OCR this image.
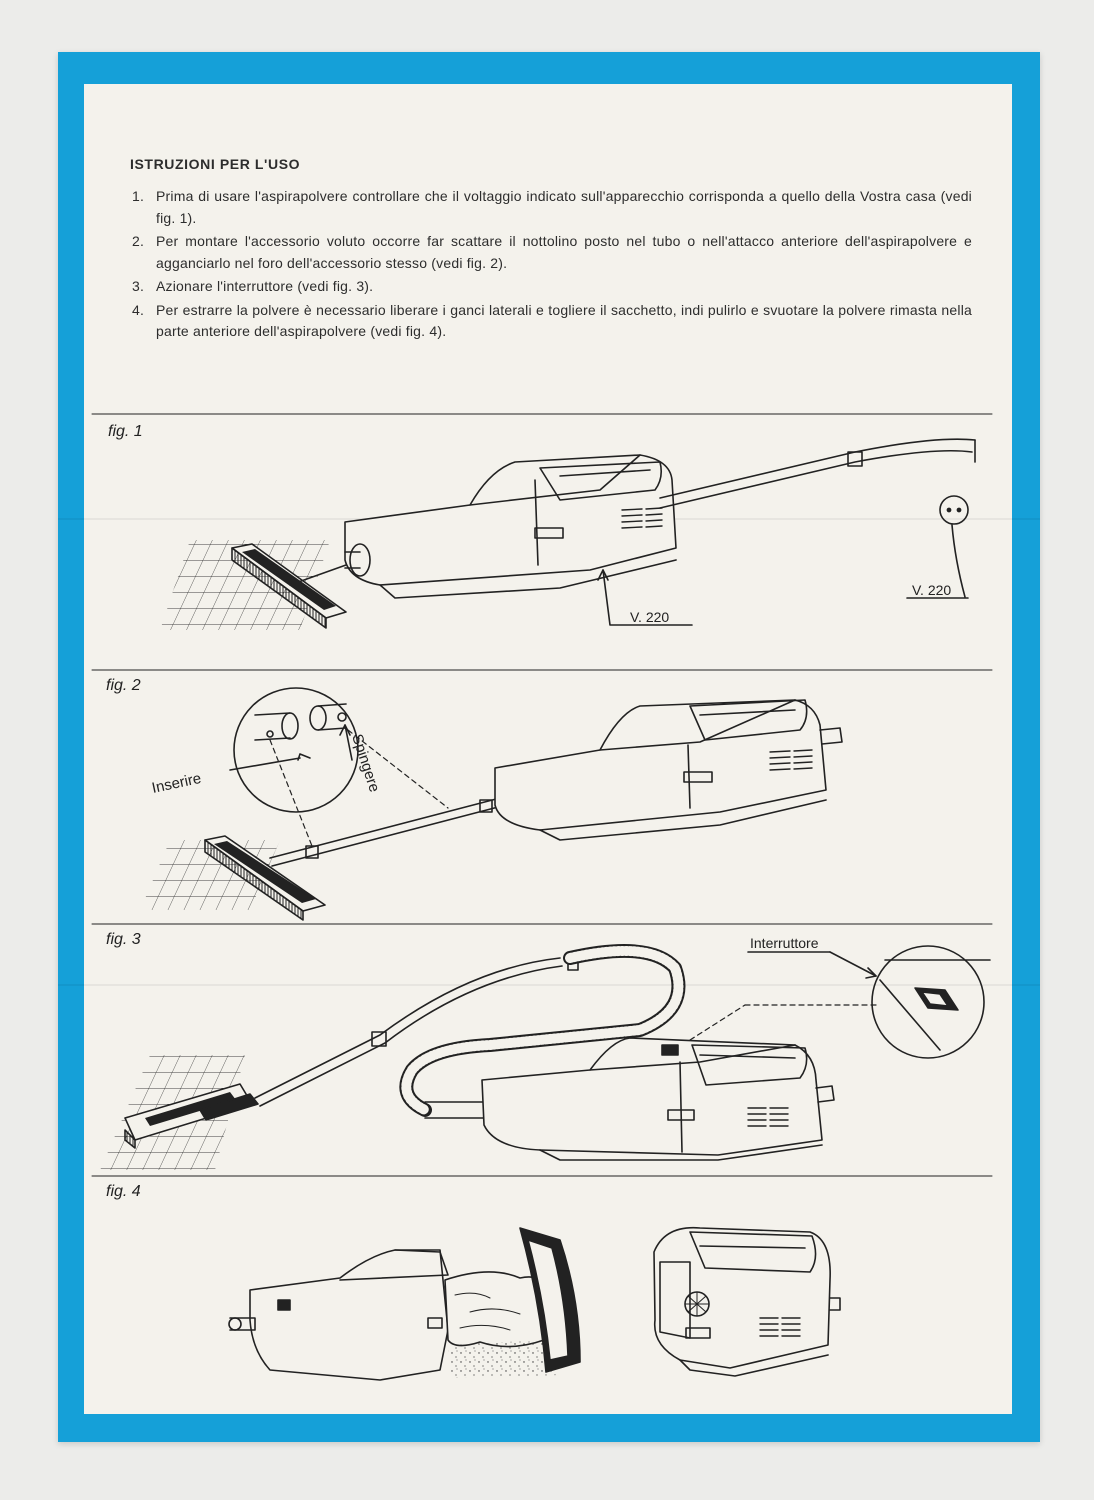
ISTRUZIONI PER L'USO
1. Prima di usare l'aspirapolvere controllare che il voltaggio indicato sull'apparecchio corrisponda a quello della Vostra casa (vedi fig. 1).
2. Per montare l'accessorio voluto occorre far scattare il nottolino posto nel tubo o nell'attacco anteriore dell'aspirapolvere e agganciarlo nel foro dell'accessorio stesso (vedi fig. 2).
3. Azionare l'interruttore (vedi fig. 3).
4. Per estrarre la polvere è necessario liberare i ganci laterali e togliere il sacchetto, indi pulirlo e svuotare la polvere rimasta nella parte anteriore dell'aspirapolvere (vedi fig. 4).
fig. 1
V. 220
V. 220
fig. 2
Inserire	Spingere
fig. 3	Interruttore
fig. 4
